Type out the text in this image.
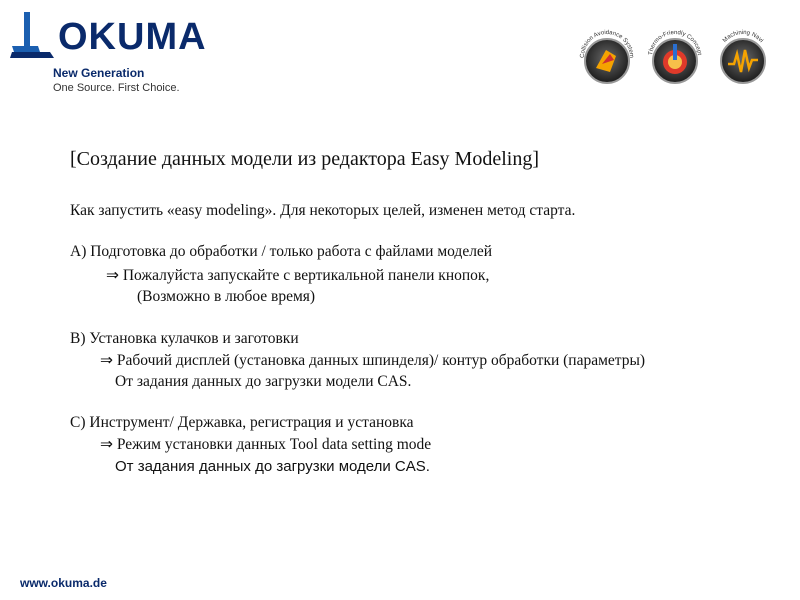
OKUMA
New Generation
One Source. First Choice.
Collision Avoidance System Thermo-Friendly Concept
Machining Navi
[Создание данных модели из редактора Easy Modeling]
Как запустить «easy modeling». Для некоторых целей, изменен метод старта.
A) Подготовка до обработки / только работа с файлами моделей
⇒ Пожалуйста запускайте с вертикальной панели кнопок,
(Возможно в любое время)
B) Установка кулачков и заготовки
⇒ Рабочий дисплей (установка данных шпинделя)/ контур обработки (параметры)
От задания данных до загрузки модели CAS.
C) Инструмент/ Державка, регистрация и установка
⇒ Режим установки данных Tool data setting mode
От задания данных до загрузки модели CAS.
www.okuma.de
